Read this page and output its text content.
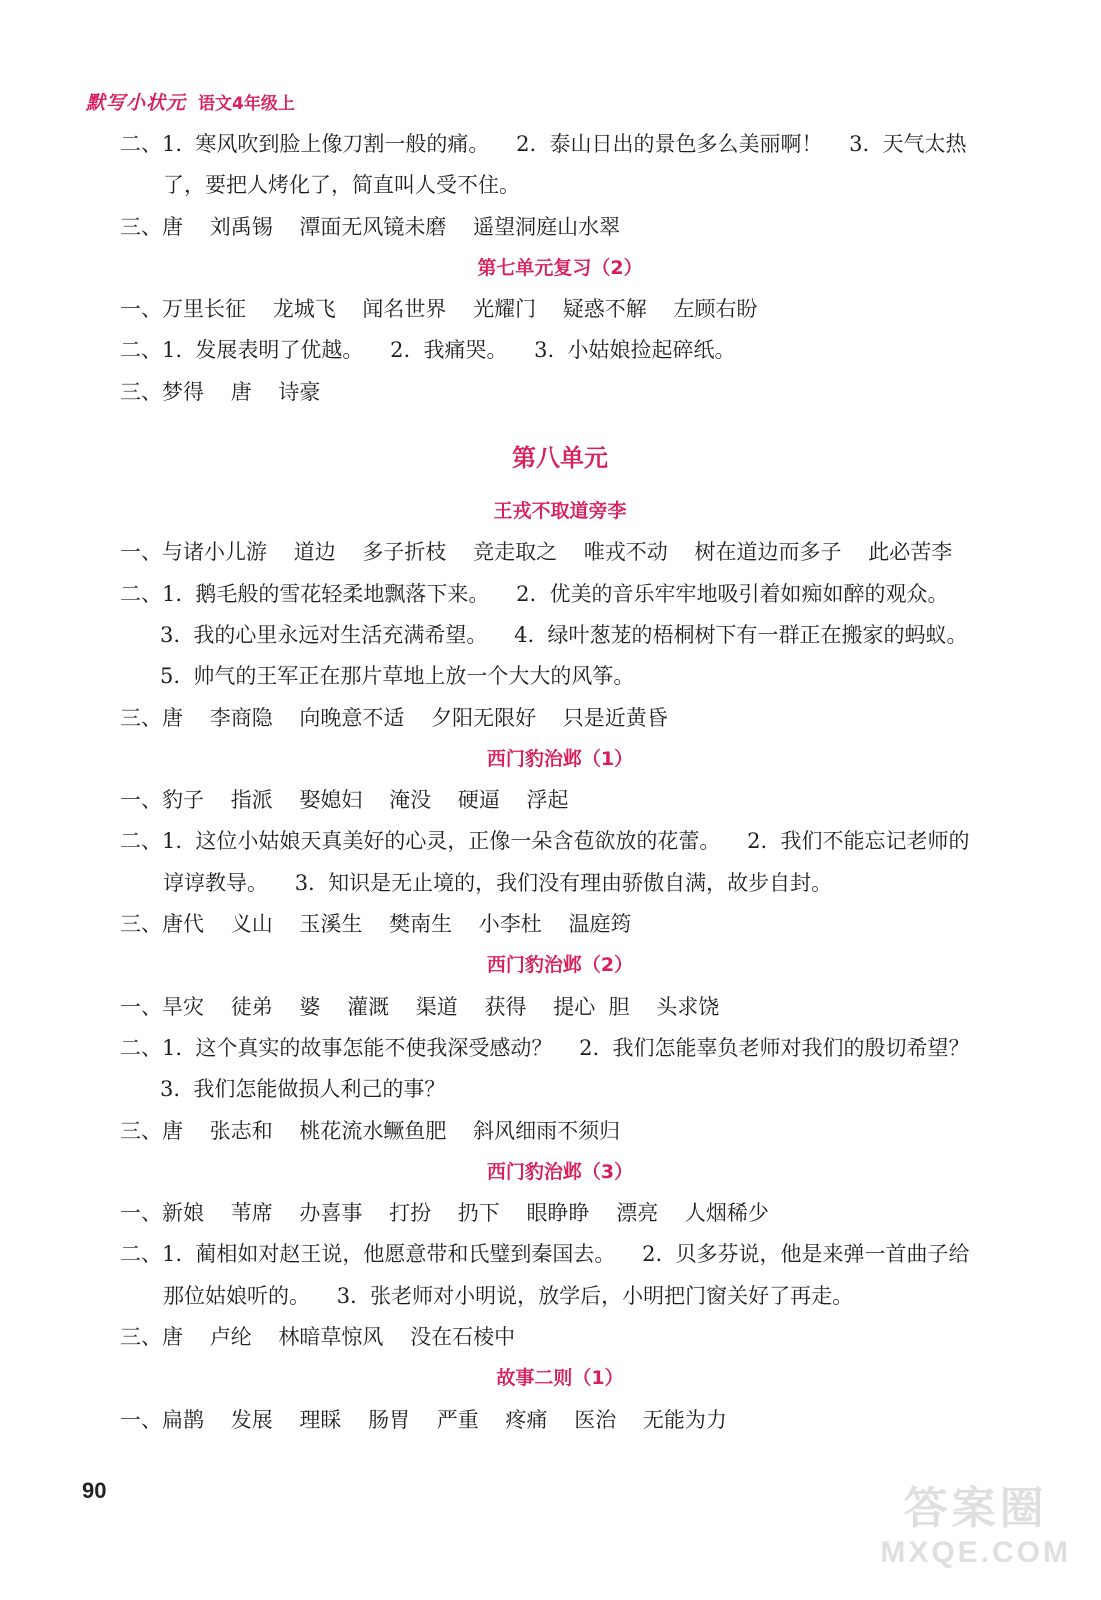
默写小状元 语文4年级上
二、1.  寒风吹到脸上像刀割一般的痛。    2.  泰山日出的景色多么美丽啊！    3.  天气太热
了，要把人烤化了，简直叫人受不住。
三、唐    刘禹锡    潭面无风镜未磨    遥望洞庭山水翠
第七单元复习（2）
一、万里长征    龙城飞    闻名世界    光耀门    疑惑不解    左顾右盼
二、1.  发展表明了优越。    2.  我痛哭。    3.  小姑娘捡起碎纸。
三、梦得    唐    诗豪
第八单元
王戎不取道旁李
一、与诸小儿游    道边    多子折枝    竞走取之    唯戎不动    树在道边而多子    此必苦李
二、1.  鹅毛般的雪花轻柔地飘落下来。    2.  优美的音乐牢牢地吸引着如痴如醉的观众。
3.  我的心里永远对生活充满希望。    4.  绿叶葱茏的梧桐树下有一群正在搬家的蚂蚁。
5.  帅气的王军正在那片草地上放一个大大的风筝。
三、唐    李商隐    向晚意不适    夕阳无限好    只是近黄昏
西门豹治邺（1）
一、豹子    指派    娶媳妇    淹没    硬逼    浮起
二、1.  这位小姑娘天真美好的心灵，正像一朵含苞欲放的花蕾。    2.  我们不能忘记老师的
谆谆教导。    3.  知识是无止境的，我们没有理由骄傲自满，故步自封。
三、唐代    义山    玉溪生    樊南生    小李杜    温庭筠
西门豹治邺（2）
一、旱灾    徒弟    婆    灌溉    渠道    获得    提心  胆    头求饶
二、1.  这个真实的故事怎能不使我深受感动？    2.  我们怎能辜负老师对我们的殷切希望？
3.  我们怎能做损人利己的事？
三、唐    张志和    桃花流水鳜鱼肥    斜风细雨不须归
西门豹治邺（3）
一、新娘    苇席    办喜事    打扮    扔下    眼睁睁    漂亮    人烟稀少
二、1.  蔺相如对赵王说，他愿意带和氏璧到秦国去。    2.  贝多芬说，他是来弹一首曲子给
那位姑娘听的。    3.  张老师对小明说，放学后，小明把门窗关好了再走。
三、唐    卢纶    林暗草惊风    没在石棱中
故事二则（1）
一、扁鹊    发展    理睬    肠胃    严重    疼痛    医治    无能为力
90	答案圈
MXQE.COM
